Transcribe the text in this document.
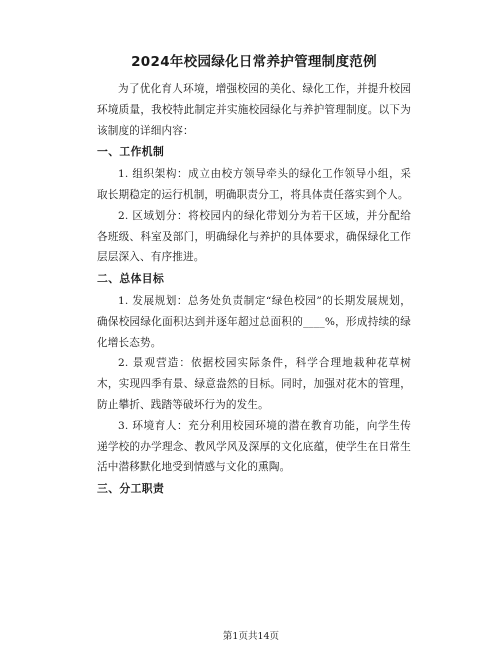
2024年校园绿化日常养护管理制度范例

为了优化育人环境，增强校园的美化、绿化工作，并提升校园环境质量，我校特此制定并实施校园绿化与养护管理制度。以下为该制度的详细内容：

一、工作机制

1. 组织架构：成立由校方领导牵头的绿化工作领导小组，采取长期稳定的运行机制，明确职责分工，将具体责任落实到个人。

2. 区域划分：将校园内的绿化带划分为若干区域，并分配给各班级、科室及部门，明确绿化与养护的具体要求，确保绿化工作层层深入、有序推进。

二、总体目标

1. 发展规划：总务处负责制定“绿色校园”的长期发展规划，确保校园绿化面积达到并逐年超过总面积的____%，形成持续的绿化增长态势。

2. 景观营造：依据校园实际条件，科学合理地栽种花草树木，实现四季有景、绿意盎然的目标。同时，加强对花木的管理，防止攀折、践踏等破坏行为的发生。

3. 环境育人：充分利用校园环境的潜在教育功能，向学生传递学校的办学理念、教风学风及深厚的文化底蕴，使学生在日常生活中潜移默化地受到情感与文化的熏陶。

三、分工职责
第1页共14页
